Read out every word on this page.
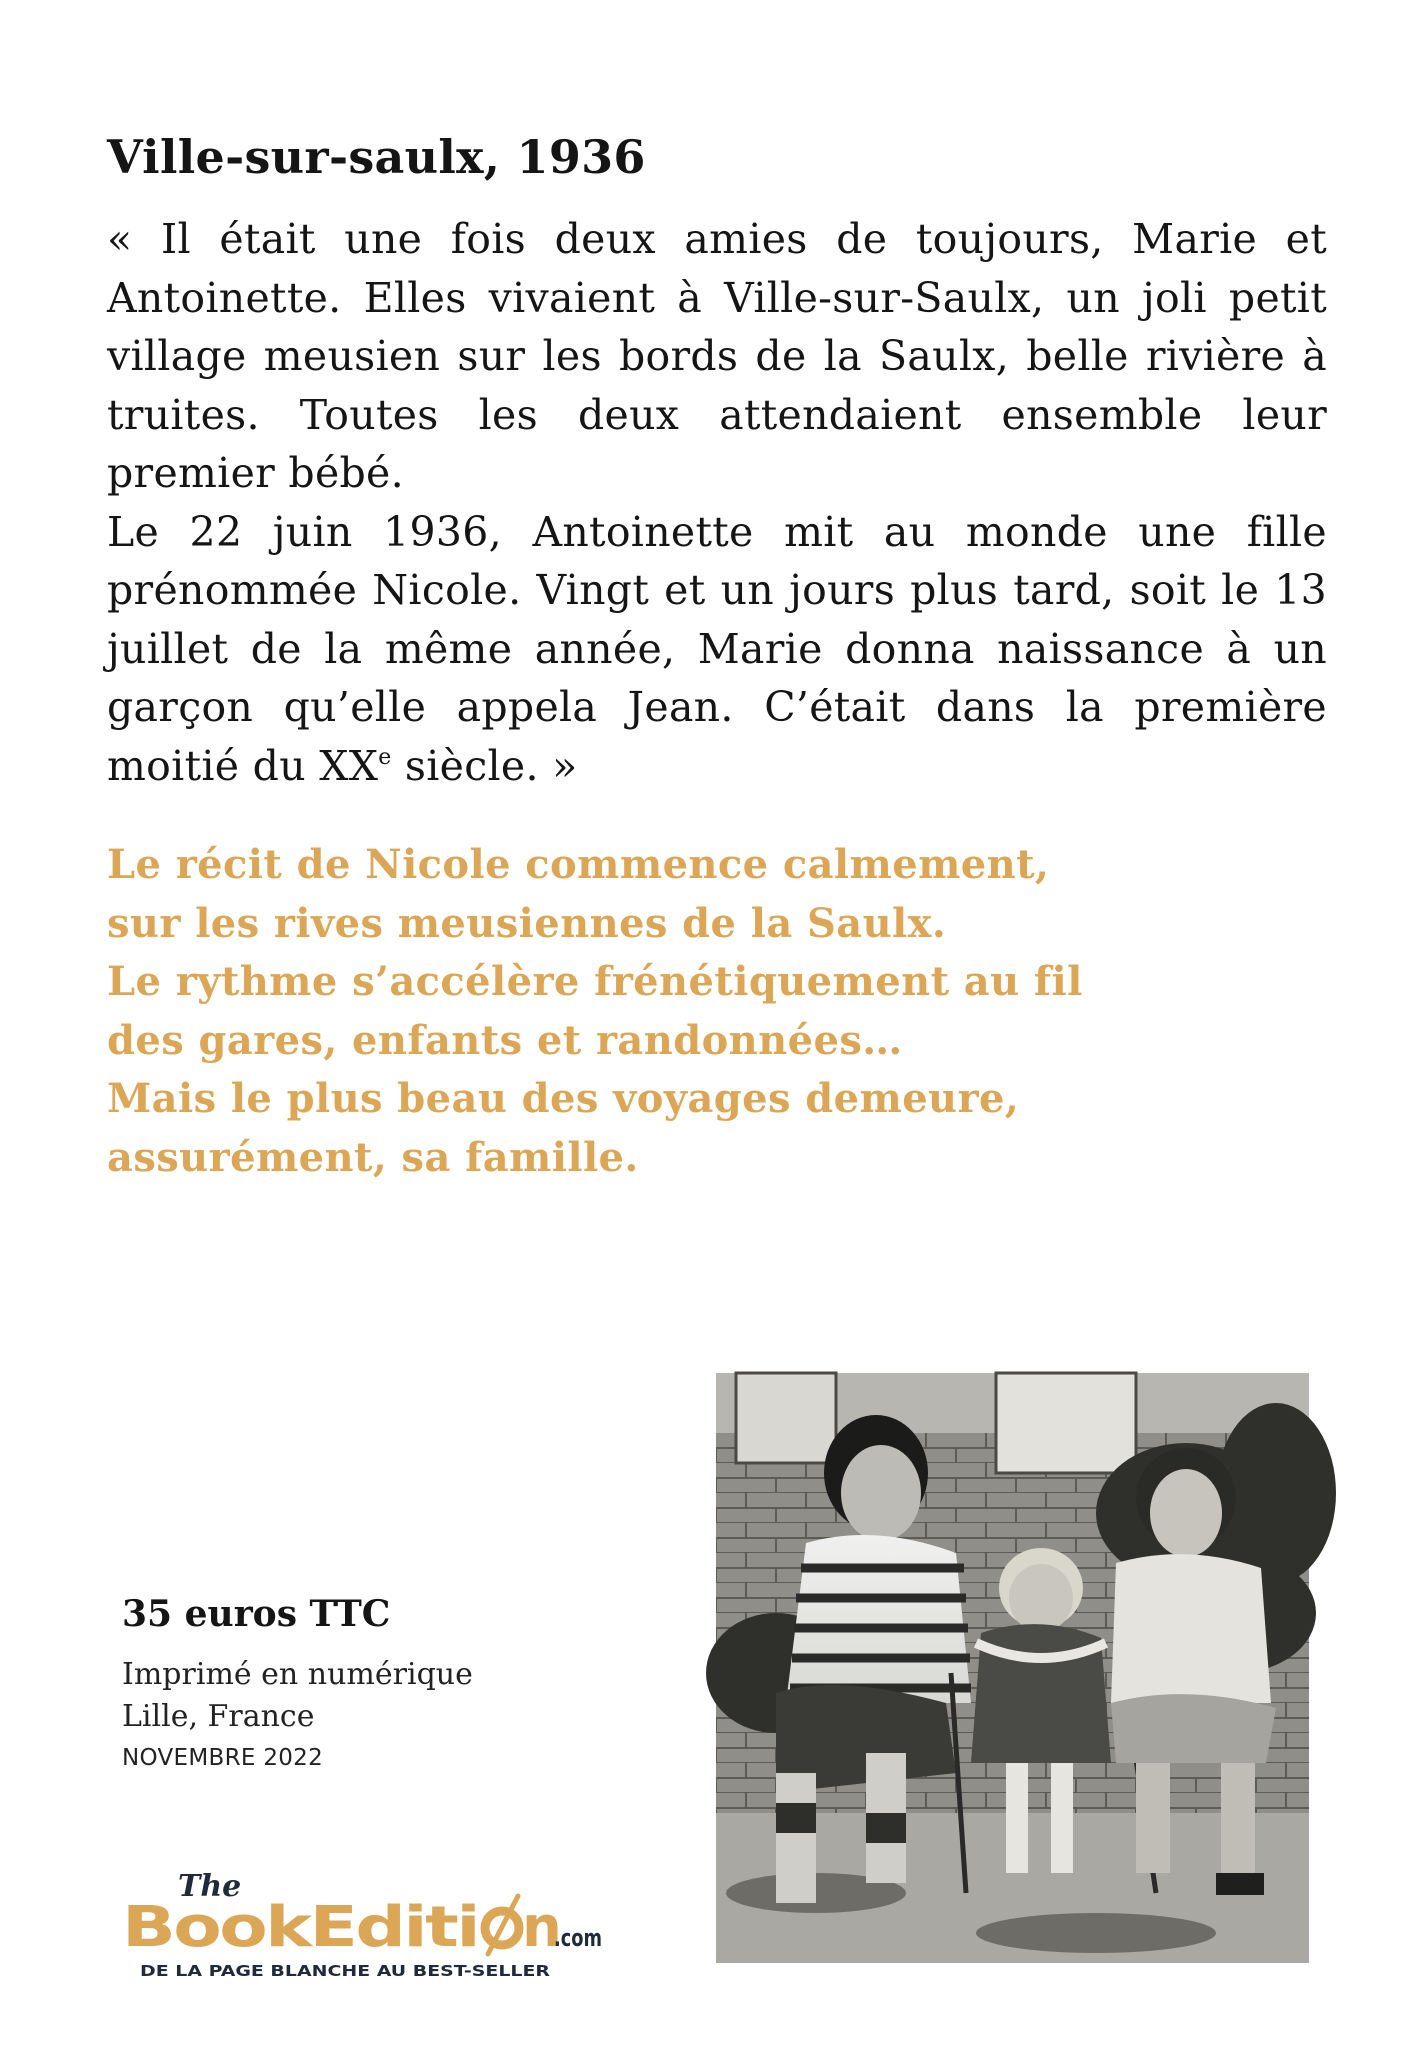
Ville-sur-saulx, 1936

« Il était une fois deux amies de toujours, Marie et Antoinette. Elles vivaient à Ville-sur-Saulx, un joli petit village meusien sur les bords de la Saulx, belle rivière à truites. Toutes les deux attendaient ensemble leur premier bébé.

Le 22 juin 1936, Antoinette mit au monde une fille prénommée Nicole. Vingt et un jours plus tard, soit le 13 juillet de la même année, Marie donna naissance à un garçon qu’elle appela Jean. C’était dans la première moitié du XXe siècle. »

Le récit de Nicole commence calmement,
sur les rives meusiennes de la Saulx.
Le rythme s’accélère frénétiquement au fil
des gares, enfants et randonnées…
Mais le plus beau des voyages demeure,
assurément, sa famille.
35 euros TTC
Imprimé en numérique
Lille, France
NOVEMBRE 2022
The
BookEditi n
.com
DE LA PAGE BLANCHE AU BEST-SELLER
